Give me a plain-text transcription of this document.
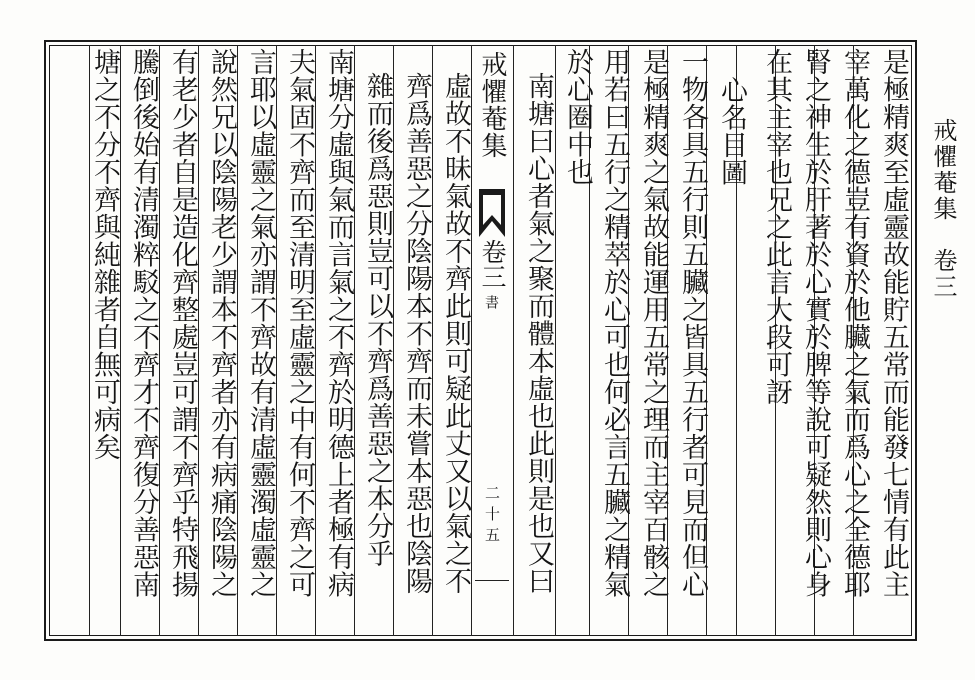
戒懼菴集　卷三
是極精爽至虛靈故能貯五常而能發七情有此主
宰萬化之德豈有資於他臟之氣而爲心之全德耶
腎之神生於肝著於心實於脾等說可疑然則心身
在其主宰也兄之此言大段可訝
心名目圖
一物各具五行則五臟之皆具五行者可見而但心
是極精爽之氣故能運用五常之理而主宰百骸之
用若曰五行之精萃於心可也何必言五臟之精氣
於心圈中也
南塘曰心者氣之聚而體本虛也此則是也又曰
戒懼菴集
卷三
書
二十五
虛故不昧氣故不齊此則可疑此丈又以氣之不
齊爲善惡之分陰陽本不齊而未嘗本惡也陰陽
雜而後爲惡則豈可以不齊爲善惡之本分乎
南塘分虛與氣而言氣之不齊於明德上者極有病
夫氣固不齊而至清明至虛靈之中有何不齊之可
言耶以虛靈之氣亦謂不齊故有清虛靈濁虛靈之
說然兄以陰陽老少謂本不齊者亦有病痛陰陽之
有老少者自是造化齊整處豈可謂不齊乎特飛揚
騰倒後始有清濁粹駁之不齊才不齊復分善惡南
塘之不分不齊與純雜者自無可病矣
